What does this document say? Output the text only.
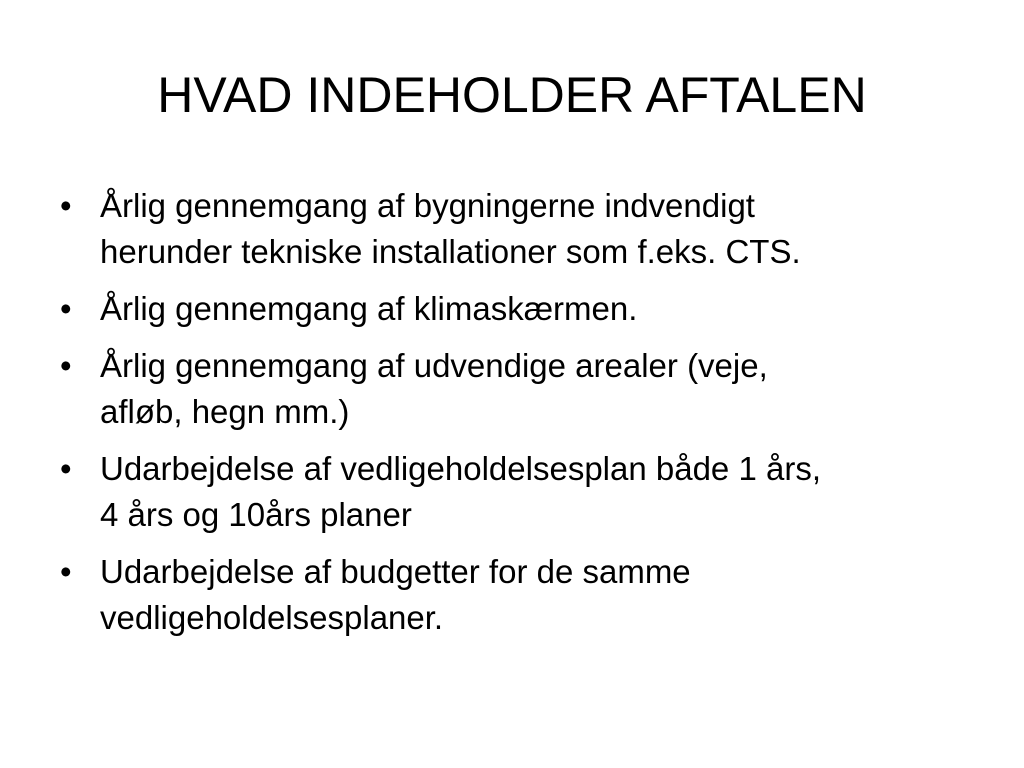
HVAD INDEHOLDER AFTALEN
• Årlig gennemgang af bygningerne indvendigt
herunder tekniske installationer som f.eks. CTS.
• Årlig gennemgang af klimaskærmen.
• Årlig gennemgang af udvendige arealer (veje,
afløb, hegn mm.)
• Udarbejdelse af vedligeholdelsesplan både 1 års,
4 års og 10års planer
• Udarbejdelse af budgetter for de samme
vedligeholdelsesplaner.
